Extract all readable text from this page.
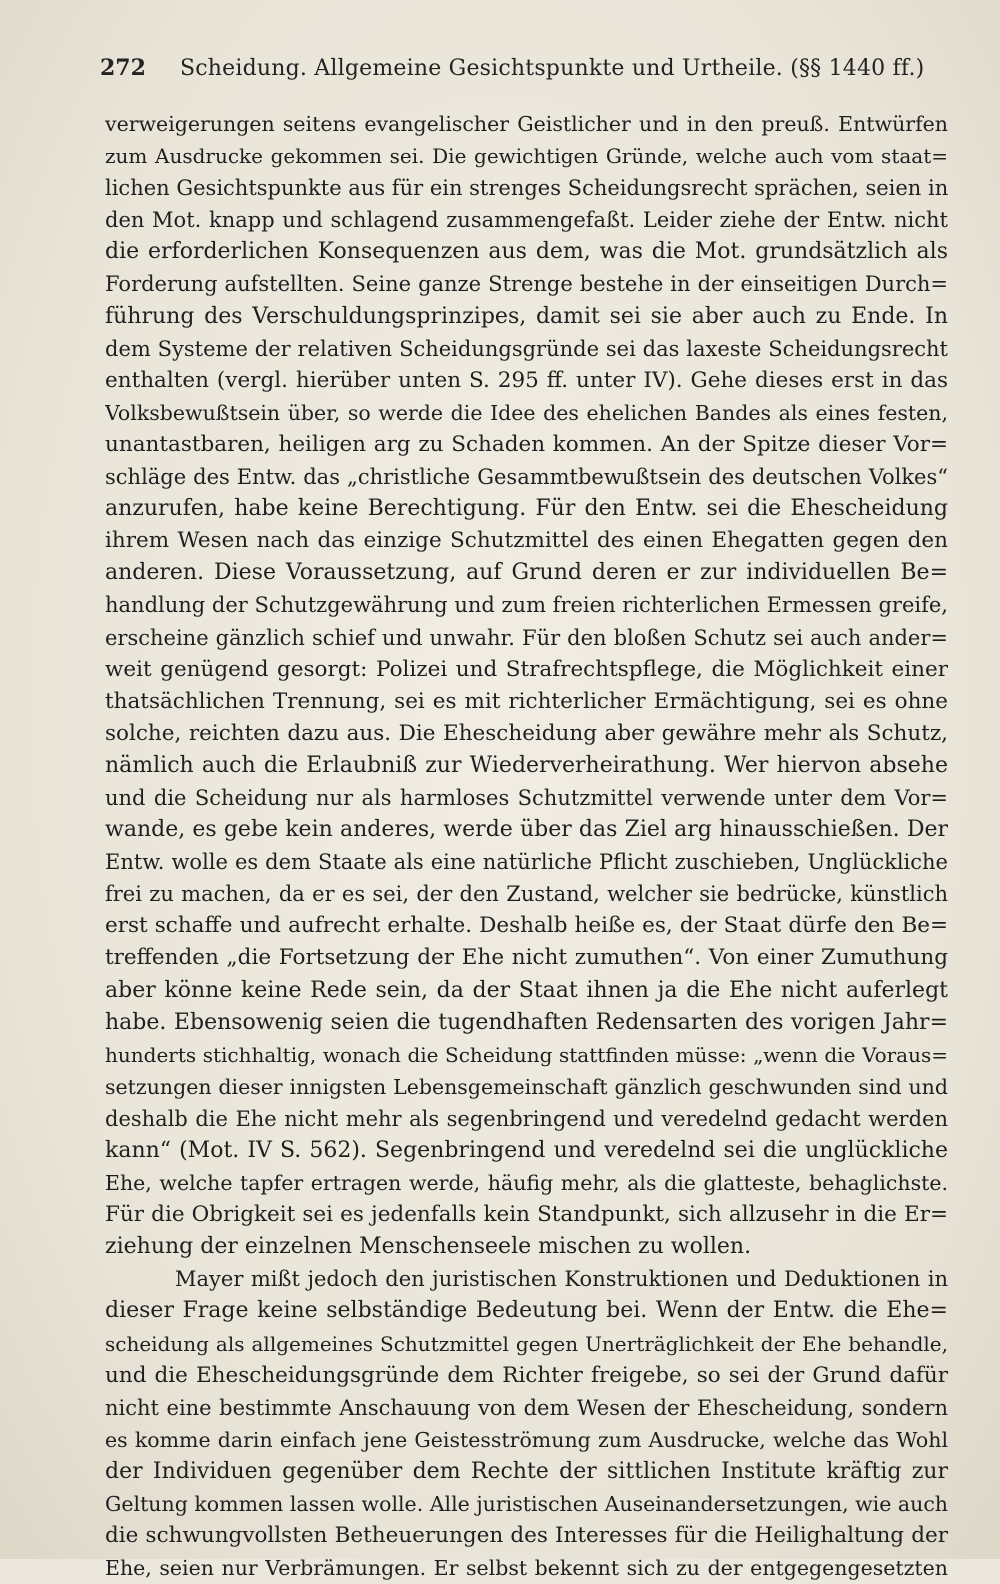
272 Scheidung. Allgemeine Gesichtspunkte und Urtheile. (§§ 1440 ff.)
verweigerungen seitens evangelischer Geistlicher und in den preuß. Entwürfen
zum Ausdrucke gekommen sei. Die gewichtigen Gründe, welche auch vom staat=
lichen Gesichtspunkte aus für ein strenges Scheidungsrecht sprächen, seien in
den Mot. knapp und schlagend zusammengefaßt. Leider ziehe der Entw. nicht
die erforderlichen Konsequenzen aus dem, was die Mot. grundsätzlich als
Forderung aufstellten. Seine ganze Strenge bestehe in der einseitigen Durch=
führung des Verschuldungsprinzipes, damit sei sie aber auch zu Ende. In
dem Systeme der relativen Scheidungsgründe sei das laxeste Scheidungsrecht
enthalten (vergl. hierüber unten S. 295 ff. unter IV). Gehe dieses erst in das
Volksbewußtsein über, so werde die Idee des ehelichen Bandes als eines festen,
unantastbaren, heiligen arg zu Schaden kommen. An der Spitze dieser Vor=
schläge des Entw. das „christliche Gesammtbewußtsein des deutschen Volkes“
anzurufen, habe keine Berechtigung. Für den Entw. sei die Ehescheidung
ihrem Wesen nach das einzige Schutzmittel des einen Ehegatten gegen den
anderen. Diese Voraussetzung, auf Grund deren er zur individuellen Be=
handlung der Schutzgewährung und zum freien richterlichen Ermessen greife,
erscheine gänzlich schief und unwahr. Für den bloßen Schutz sei auch ander=
weit genügend gesorgt: Polizei und Strafrechtspflege, die Möglichkeit einer
thatsächlichen Trennung, sei es mit richterlicher Ermächtigung, sei es ohne
solche, reichten dazu aus. Die Ehescheidung aber gewähre mehr als Schutz,
nämlich auch die Erlaubniß zur Wiederverheirathung. Wer hiervon absehe
und die Scheidung nur als harmloses Schutzmittel verwende unter dem Vor=
wande, es gebe kein anderes, werde über das Ziel arg hinausschießen. Der
Entw. wolle es dem Staate als eine natürliche Pflicht zuschieben, Unglückliche
frei zu machen, da er es sei, der den Zustand, welcher sie bedrücke, künstlich
erst schaffe und aufrecht erhalte. Deshalb heiße es, der Staat dürfe den Be=
treffenden „die Fortsetzung der Ehe nicht zumuthen“. Von einer Zumuthung
aber könne keine Rede sein, da der Staat ihnen ja die Ehe nicht auferlegt
habe. Ebensowenig seien die tugendhaften Redensarten des vorigen Jahr=
hunderts stichhaltig, wonach die Scheidung stattfinden müsse: „wenn die Voraus=
setzungen dieser innigsten Lebensgemeinschaft gänzlich geschwunden sind und
deshalb die Ehe nicht mehr als segenbringend und veredelnd gedacht werden
kann“ (Mot. IV S. 562). Segenbringend und veredelnd sei die unglückliche
Ehe, welche tapfer ertragen werde, häufig mehr, als die glatteste, behaglichste.
Für die Obrigkeit sei es jedenfalls kein Standpunkt, sich allzusehr in die Er=
ziehung der einzelnen Menschenseele mischen zu wollen.
Mayer mißt jedoch den juristischen Konstruktionen und Deduktionen in
dieser Frage keine selbständige Bedeutung bei. Wenn der Entw. die Ehe=
scheidung als allgemeines Schutzmittel gegen Unerträglichkeit der Ehe behandle,
und die Ehescheidungsgründe dem Richter freigebe, so sei der Grund dafür
nicht eine bestimmte Anschauung von dem Wesen der Ehescheidung, sondern
es komme darin einfach jene Geistesströmung zum Ausdrucke, welche das Wohl
der Individuen gegenüber dem Rechte der sittlichen Institute kräftig zur
Geltung kommen lassen wolle. Alle juristischen Auseinandersetzungen, wie auch
die schwungvollsten Betheuerungen des Interesses für die Heilighaltung der
Ehe, seien nur Verbrämungen. Er selbst bekennt sich zu der entgegengesetzten
